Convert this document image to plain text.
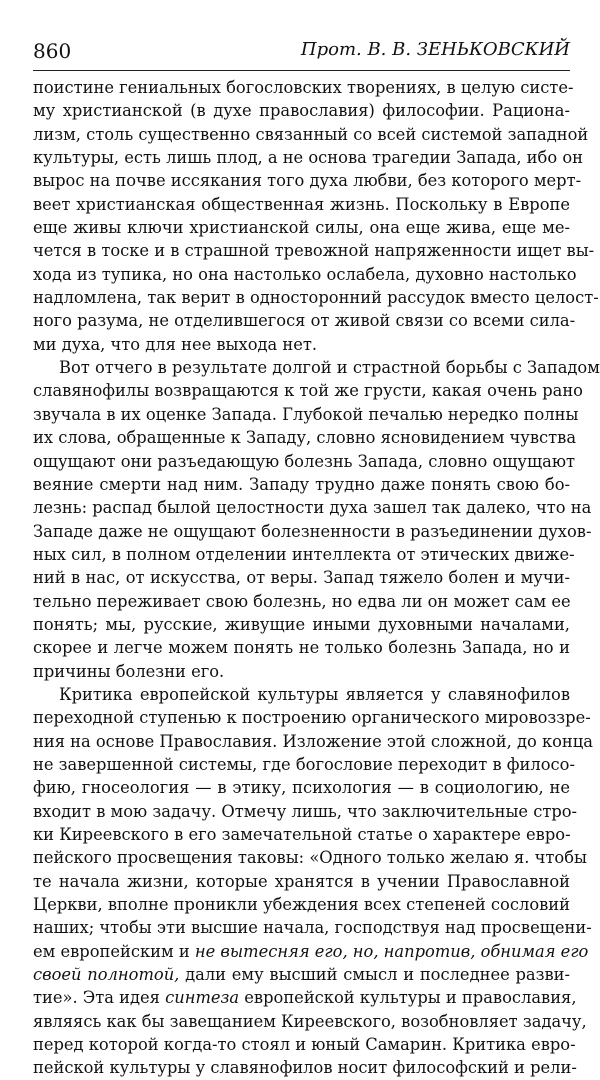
860	Прот. В. В. ЗЕНЬКОВСКИЙ
поистине гениальных богословских творениях, в целую систе-
му христианской (в духе православия) философии. Рациона-
лизм, столь существенно связанный со всей системой западной
культуры, есть лишь плод, а не основа трагедии Запада, ибо он
вырос на почве иссякания того духа любви, без которого мерт-
веет христианская общественная жизнь. Поскольку в Европе
еще живы ключи христианской силы, она еще жива, еще ме-
чется в тоске и в страшной тревожной напряженности ищет вы-
хода из тупика, но она настолько ослабела, духовно настолько
надломлена, так верит в односторонний рассудок вместо целост-
ного разума, не отделившегося от живой связи со всеми сила-
ми духа, что для нее выхода нет.
Вот отчего в результате долгой и страстной борьбы с Западом
славянофилы возвращаются к той же грусти, какая очень рано
звучала в их оценке Запада. Глубокой печалью нередко полны
их слова, обращенные к Западу, словно ясновидением чувства
ощущают они разъедающую болезнь Запада, словно ощущают
веяние смерти над ним. Западу трудно даже понять свою бо-
лезнь: распад былой целостности духа зашел так далеко, что на
Западе даже не ощущают болезненности в разъединении духов-
ных сил, в полном отделении интеллекта от этических движе-
ний в нас, от искусства, от веры. Запад тяжело болен и мучи-
тельно переживает свою болезнь, но едва ли он может сам ее
понять; мы, русские, живущие иными духовными началами,
скорее и легче можем понять не только болезнь Запада, но и
причины болезни его.
Критика европейской культуры является у славянофилов
переходной ступенью к построению органического мировоззре-
ния на основе Православия. Изложение этой сложной, до конца
не завершенной системы, где богословие переходит в филосо-
фию, гносеология — в этику, психология — в социологию, не
входит в мою задачу. Отмечу лишь, что заключительные стро-
ки Киреевского в его замечательной статье о характере евро-
пейского просвещения таковы: «Одного только желаю я. чтобы
те начала жизни, которые хранятся в учении Православной
Церкви, вполне проникли убеждения всех степеней сословий
наших; чтобы эти высшие начала, господствуя над просвещени-
ем европейским и не вытесняя его, но, напротив, обнимая его
своей полнотой, дали ему высший смысл и последнее разви-
тие». Эта идея синтеза европейской культуры и православия,
являясь как бы завещанием Киреевского, возобновляет задачу,
перед которой когда-то стоял и юный Самарин. Критика евро-
пейской культуры у славянофилов носит философский и рели-
